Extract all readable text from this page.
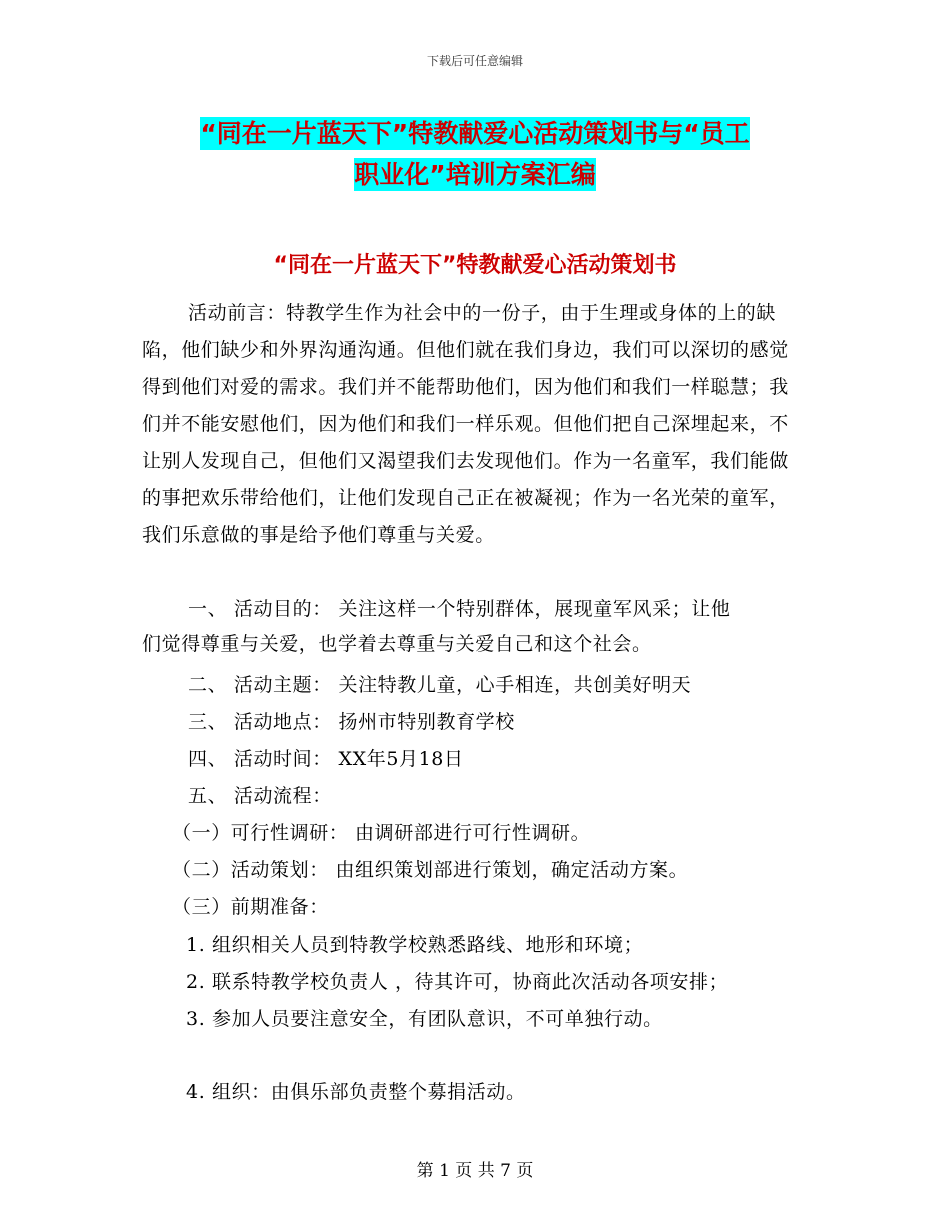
下载后可任意编辑
“同在一片蓝天下”特教献爱心活动策划书与“员工
职业化”培训方案汇编
“同在一片蓝天下”特教献爱心活动策划书
活动前言：特教学生作为社会中的一份子，由于生理或身体的上的缺陷，他们缺少和外界沟通沟通。但他们就在我们身边，我们可以深切的感觉得到他们对爱的需求。我们并不能帮助他们，因为他们和我们一样聪慧；我们并不能安慰他们，因为他们和我们一样乐观。但他们把自己深埋起来，不让别人发现自己，但他们又渴望我们去发现他们。作为一名童军，我们能做的事把欢乐带给他们，让他们发现自己正在被凝视；作为一名光荣的童军，我们乐意做的事是给予他们尊重与关爱。
一、 活动目的： 关注这样一个特别群体，展现童军风采；让他
们觉得尊重与关爱，也学着去尊重与关爱自己和这个社会。
二、 活动主题： 关注特教儿童，心手相连，共创美好明天
三、 活动地点： 扬州市特别教育学校
四、 活动时间： XX年5月18日
五、 活动流程：
（一）可行性调研： 由调研部进行可行性调研。
（二）活动策划： 由组织策划部进行策划，确定活动方案。
（三）前期准备：
1. 组织相关人员到特教学校熟悉路线、地形和环境；
2. 联系特教学校负责人 ，待其许可，协商此次活动各项安排；
3. 参加人员要注意安全，有团队意识，不可单独行动。
4. 组织：由俱乐部负责整个募捐活动。
第 1 页 共 7 页
